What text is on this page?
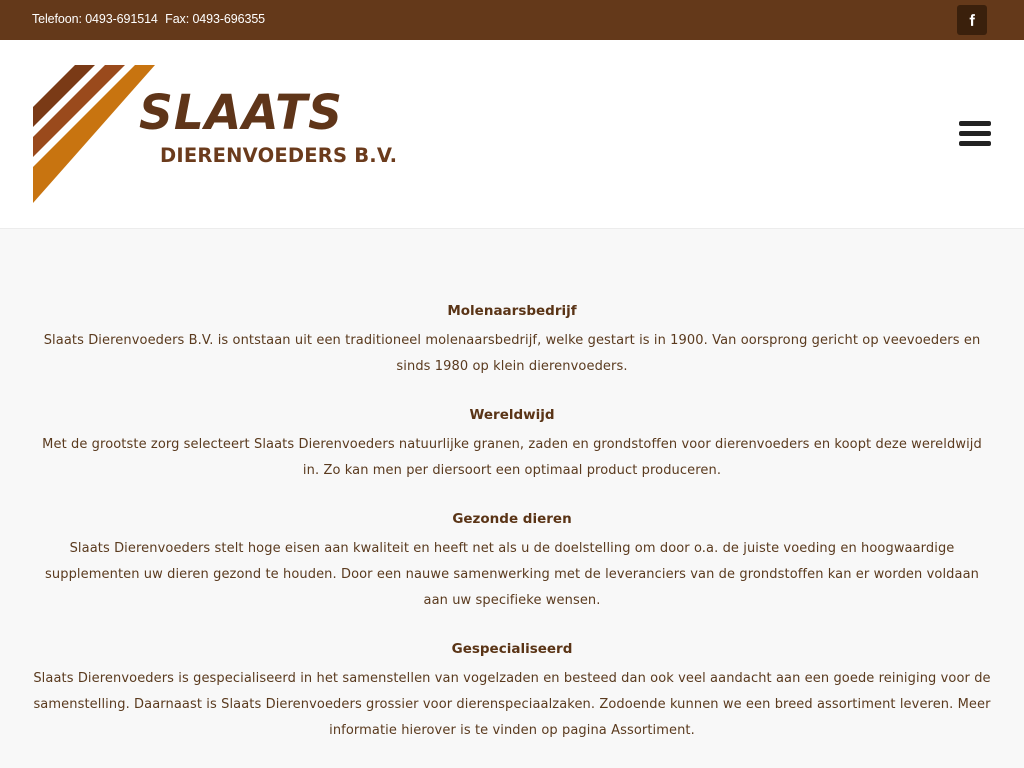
Telefoon: 0493-691514 Fax: 0493-696355
SLAATS
DIERENVOEDERS B.V.
Molenaarsbedrijf

Slaats Dierenvoeders B.V. is ontstaan uit een traditioneel molenaarsbedrijf, welke gestart is in 1900. Van oorsprong gericht op veevoeders en sinds 1980 op klein dierenvoeders.

Wereldwijd

Met de grootste zorg selecteert Slaats Dierenvoeders natuurlijke granen, zaden en grondstoffen voor dierenvoeders en koopt deze wereldwijd in. Zo kan men per diersoort een optimaal product produceren.

Gezonde dieren

Slaats Dierenvoeders stelt hoge eisen aan kwaliteit en heeft net als u de doelstelling om door o.a. de juiste voeding en hoogwaardige supplementen uw dieren gezond te houden. Door een nauwe samenwerking met de leveranciers van de grondstoffen kan er worden voldaan aan uw specifieke wensen.

Gespecialiseerd

Slaats Dierenvoeders is gespecialiseerd in het samenstellen van vogelzaden en besteed dan ook veel aandacht aan een goede reiniging voor de samenstelling. Daarnaast is Slaats Dierenvoeders grossier voor dierenspeciaalzaken. Zodoende kunnen we een breed assortiment leveren. Meer informatie hierover is te vinden op pagina Assortiment.
